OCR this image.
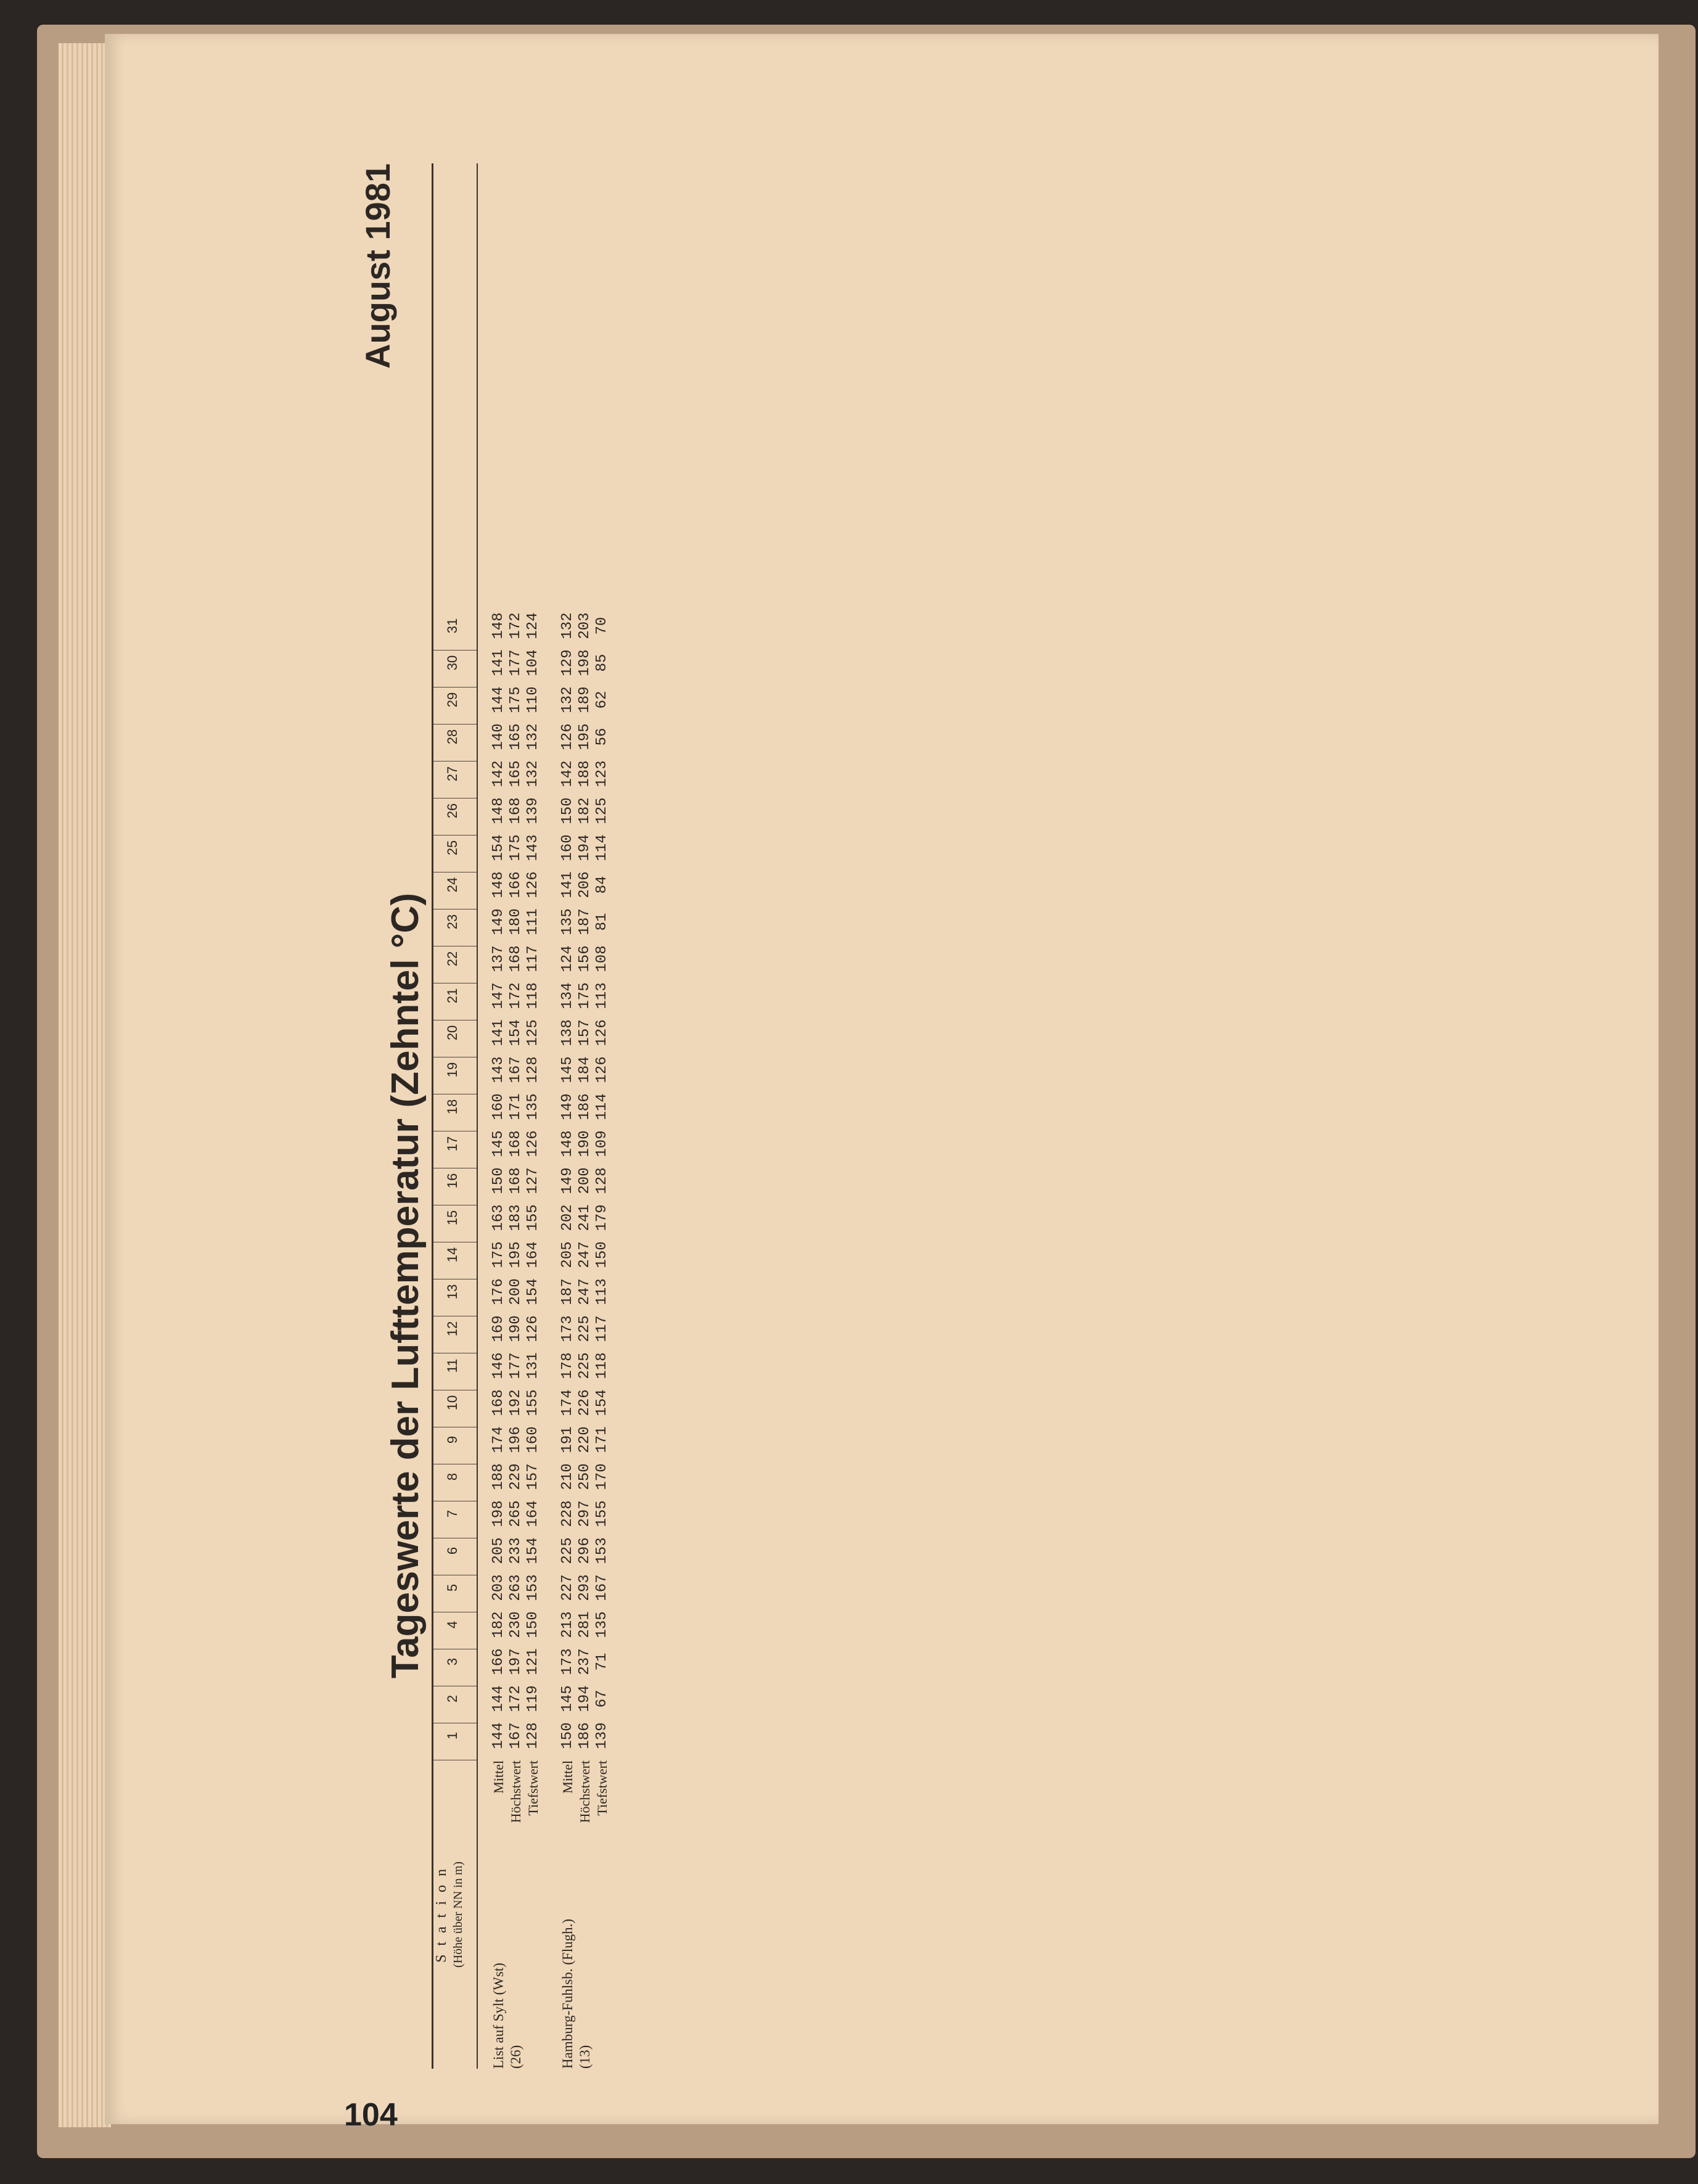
104
Tageswerte der Lufttemperatur (Zehntel °C)
August 1981
S t a t i o n (Höhe über NN in m)
1
2
3
4
5
6
7
8
9
10
11
12
13
14
15
16
17
18
19
20
21
22
23
24
25
26
27
28
29
30
31
List auf Sylt (Wst)
Mittel
144144166182203205198188174168146169176175163150145160143141147137149148154148142140144141148
(26)
Höchstwert
167172197230263233265229196192177190200195183168168171167154172168180166175168165165175177172
Tiefstwert
128119121150153154164157160155131126154164155127126135128125118117111126143139132132110104124
Hamburg-Fuhlsb. (Flugh.)
Mittel
150145173213227225228210191174178173187205202149148149145138134124135141160150142126132129132
(13)
Höchstwert
186194237281293296297250220226225225247247241200190186184157175156187206194182188195189198203
Tiefstwert
1396771135167153155170171154118117113150179128109114126126113108818411412512356628570
